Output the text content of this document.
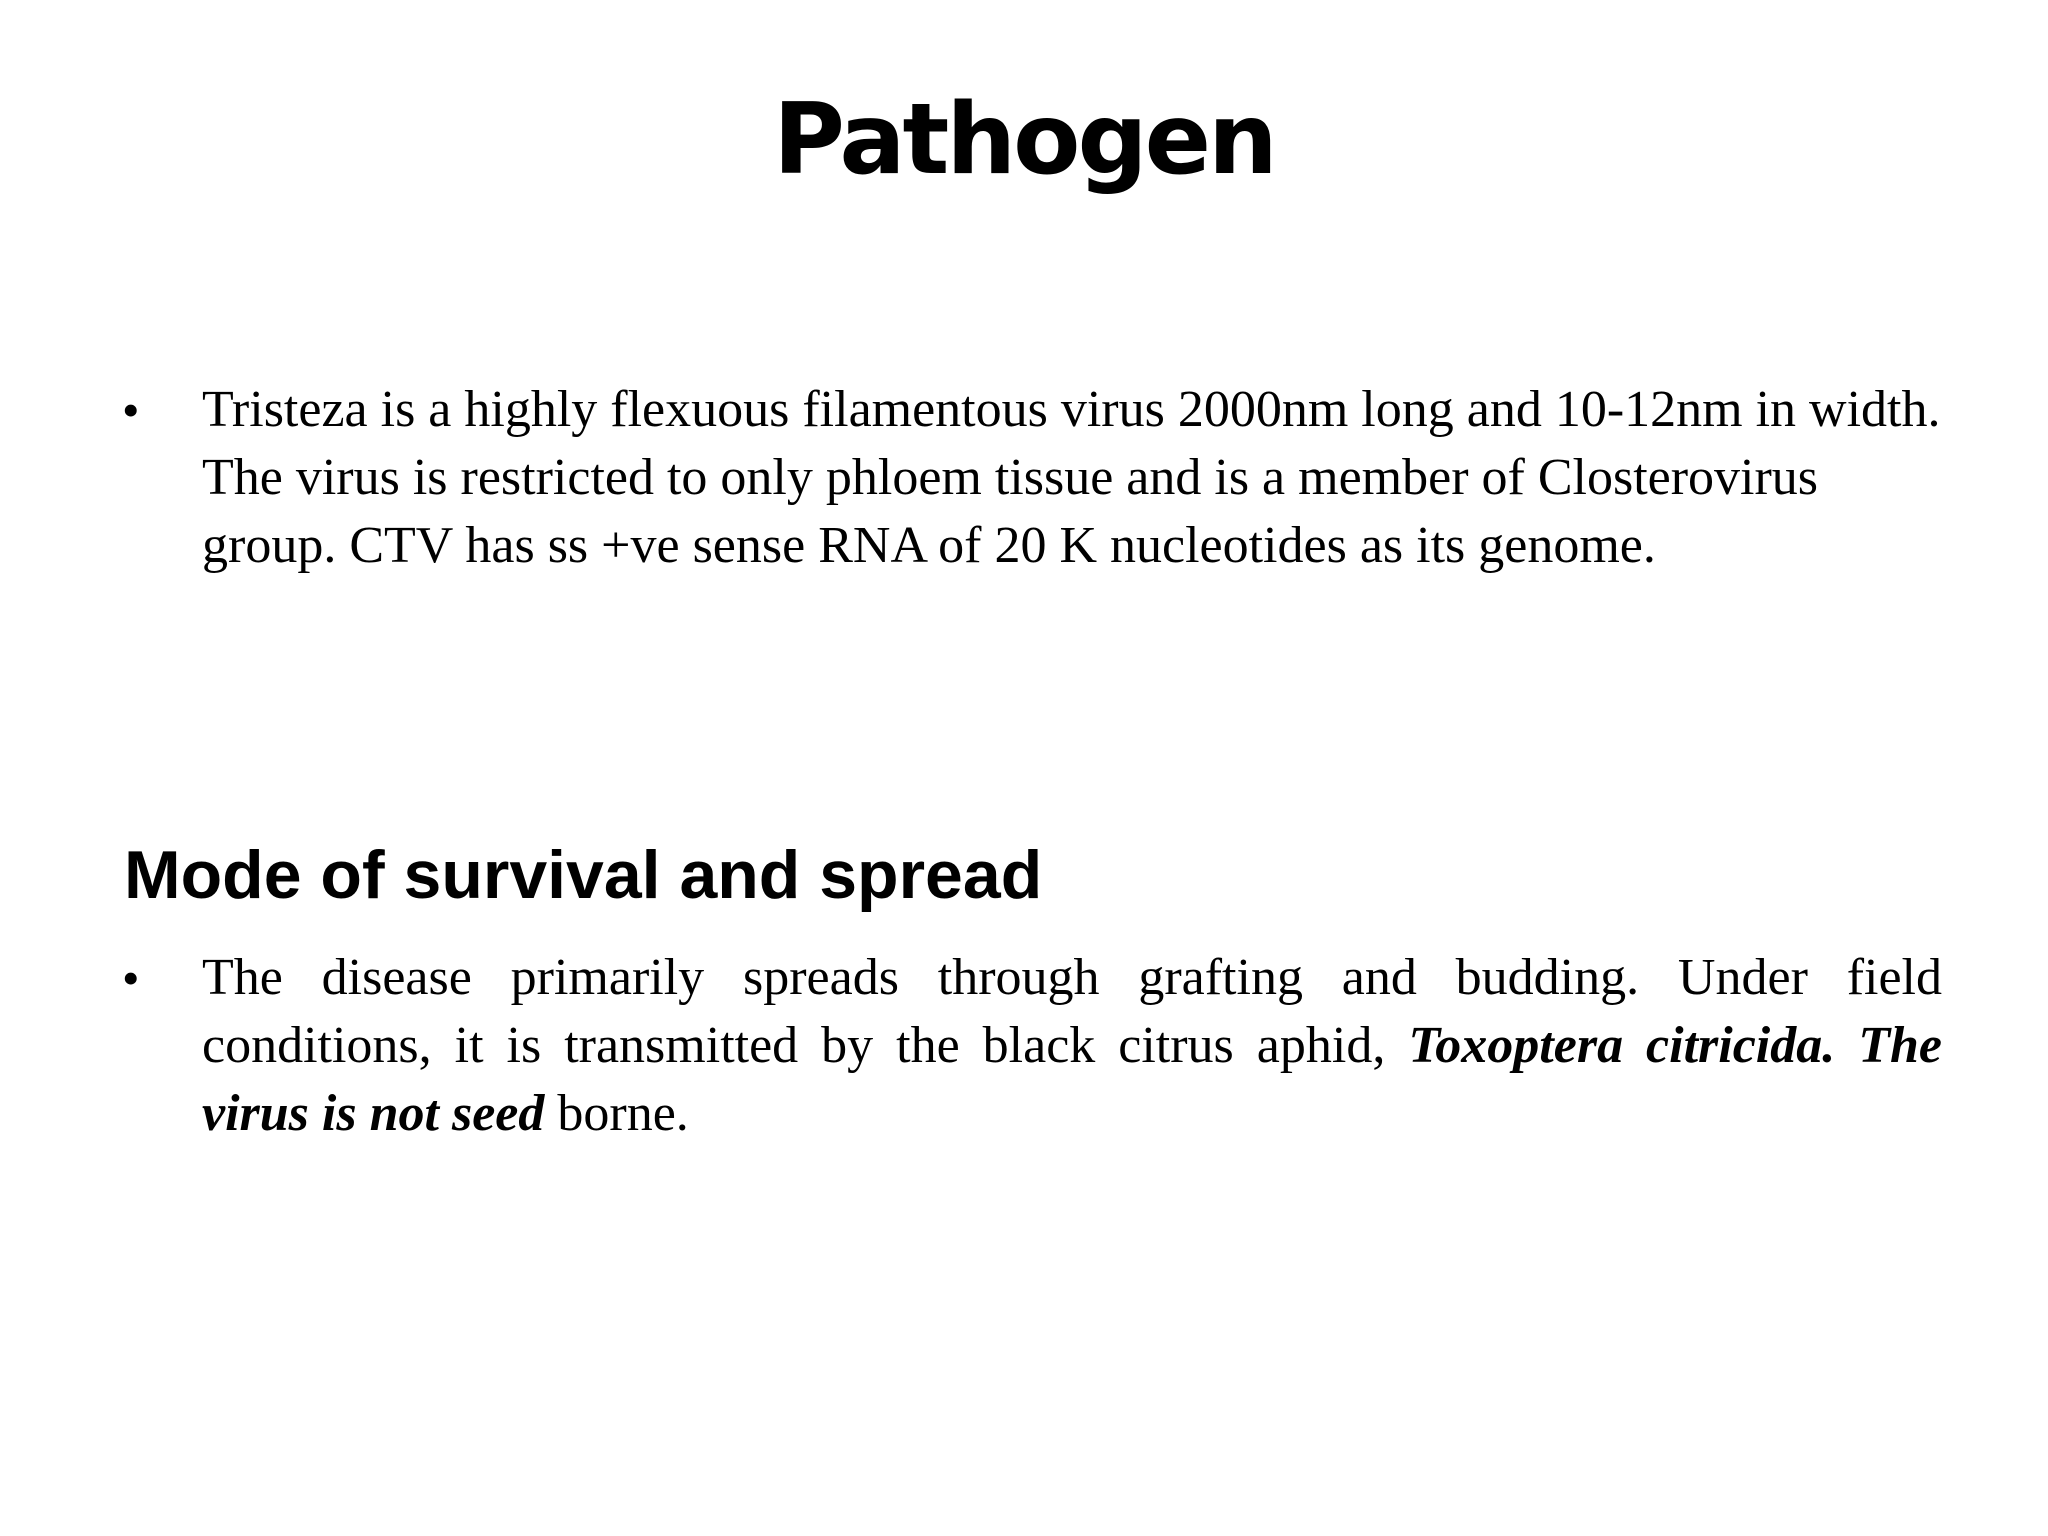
Pathogen
•	Tristeza is a highly flexuous filamentous virus 2000nm long and 10-12nm in width. The virus is restricted to only phloem tissue and is a member of Closterovirus group. CTV has ss +ve sense RNA of 20 K nucleotides as its genome.

Mode of survival and spread
•	The disease primarily spreads through grafting and budding. Under field conditions, it is transmitted by the black citrus aphid, Toxoptera citricida. The virus is not seed borne.
